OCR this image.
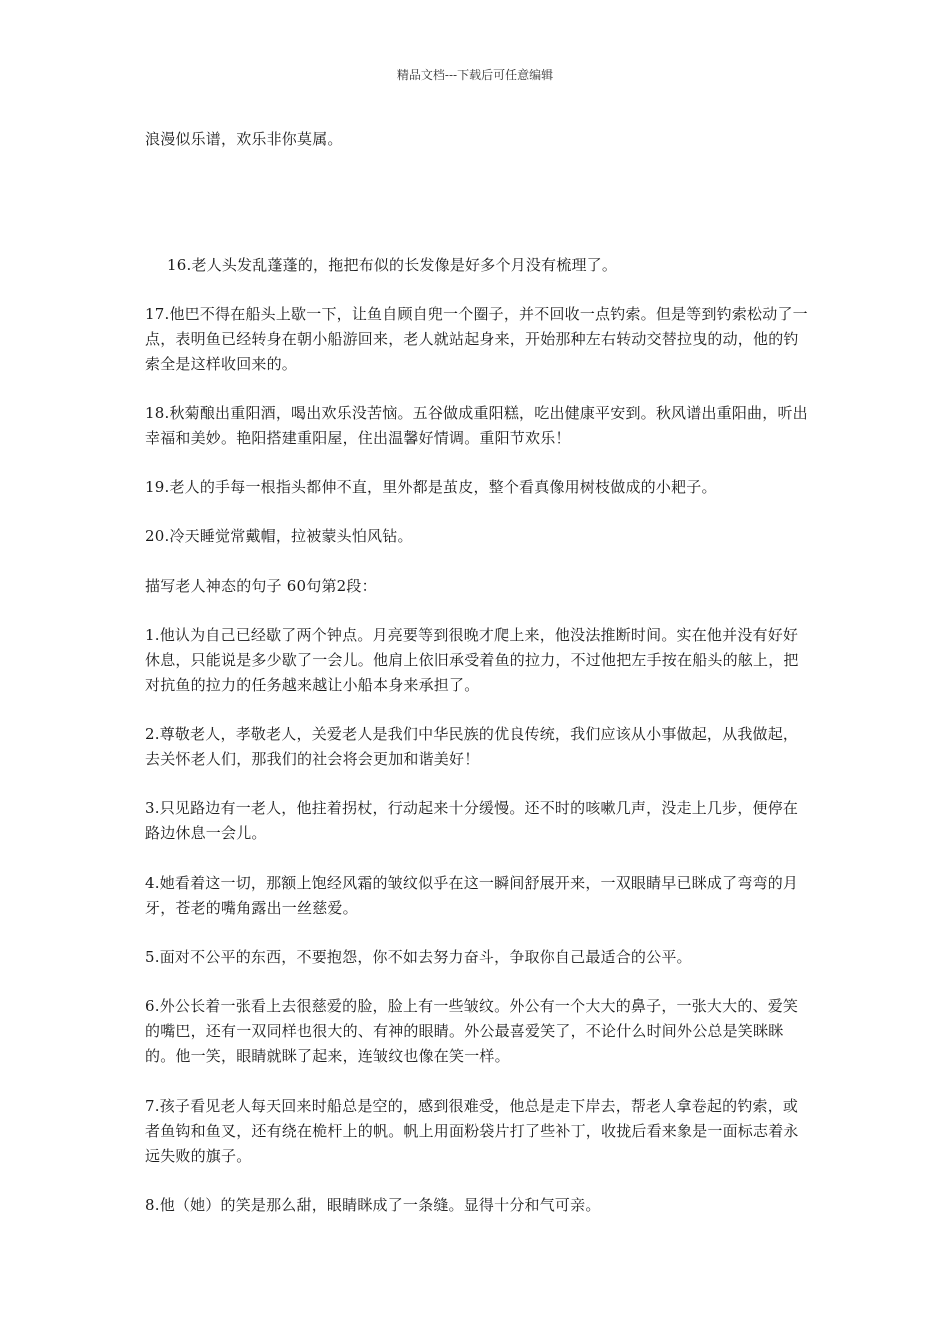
精品文档---下载后可任意编辑

浪漫似乐谱，欢乐非你莫属。

16.老人头发乱蓬蓬的，拖把布似的长发像是好多个月没有梳理了。

17.他巴不得在船头上歇一下，让鱼自顾自兜一个圈子，并不回收一点钓索。但是等到钓索松动了一点，表明鱼已经转身在朝小船游回来，老人就站起身来，开始那种左右转动交替拉曳的动，他的钓索全是这样收回来的。

18.秋菊酿出重阳酒，喝出欢乐没苦恼。五谷做成重阳糕，吃出健康平安到。秋风谱出重阳曲，听出幸福和美妙。艳阳搭建重阳屋，住出温馨好情调。重阳节欢乐！

19.老人的手每一根指头都伸不直，里外都是茧皮，整个看真像用树枝做成的小耙子。

20.冷天睡觉常戴帽，拉被蒙头怕风钻。

描写老人神态的句子 60句第2段：

1.他认为自己已经歇了两个钟点。月亮要等到很晚才爬上来，他没法推断时间。实在他并没有好好休息，只能说是多少歇了一会儿。他肩上依旧承受着鱼的拉力，不过他把左手按在船头的舷上，把对抗鱼的拉力的任务越来越让小船本身来承担了。

2.尊敬老人，孝敬老人，关爱老人是我们中华民族的优良传统，我们应该从小事做起，从我做起，去关怀老人们，那我们的社会将会更加和谐美好！

3.只见路边有一老人，他拄着拐杖，行动起来十分缓慢。还不时的咳嗽几声，没走上几步，便停在路边休息一会儿。

4.她看着这一切，那额上饱经风霜的皱纹似乎在这一瞬间舒展开来，一双眼睛早已眯成了弯弯的月牙，苍老的嘴角露出一丝慈爱。

5.面对不公平的东西，不要抱怨，你不如去努力奋斗，争取你自己最适合的公平。

6.外公长着一张看上去很慈爱的脸，脸上有一些皱纹。外公有一个大大的鼻子，一张大大的、爱笑的嘴巴，还有一双同样也很大的、有神的眼睛。外公最喜爱笑了，不论什么时间外公总是笑眯眯的。他一笑，眼睛就眯了起来，连皱纹也像在笑一样。

7.孩子看见老人每天回来时船总是空的，感到很难受，他总是走下岸去，帮老人拿卷起的钓索，或者鱼钩和鱼叉，还有绕在桅杆上的帆。帆上用面粉袋片打了些补丁，收拢后看来象是一面标志着永远失败的旗子。

8.他（她）的笑是那么甜，眼睛眯成了一条缝。显得十分和气可亲。
